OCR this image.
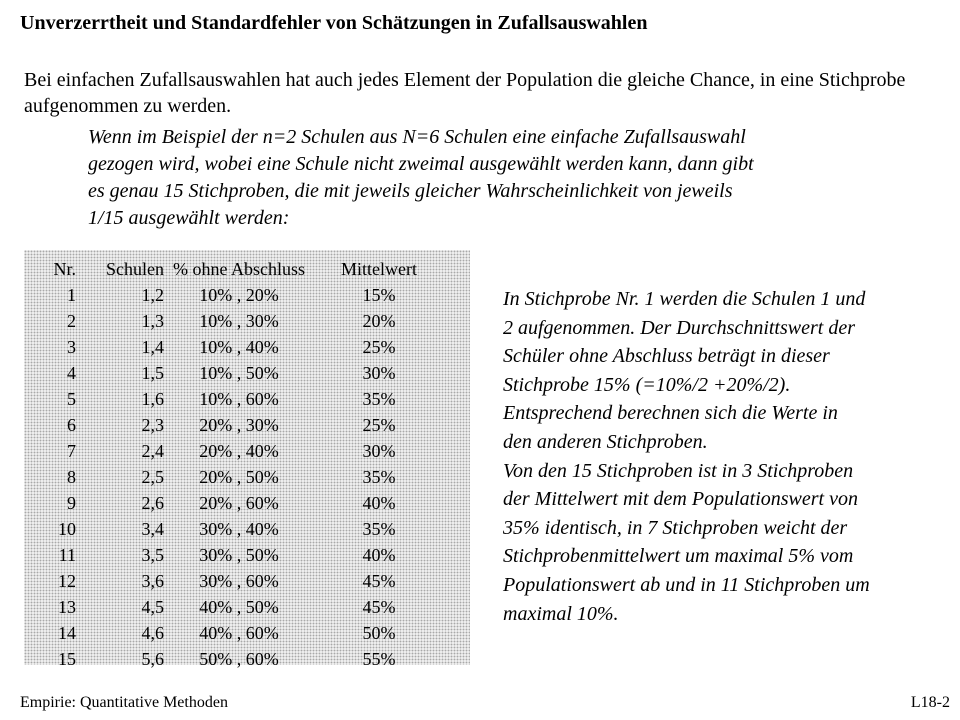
Unverzerrtheit und Standardfehler von Schätzungen in Zufallsauswahlen
Bei einfachen Zufallsauswahlen hat auch jedes Element der Population die gleiche Chance, in eine Stichprobe aufgenommen zu werden.
Wenn im Beispiel der n=2 Schulen aus N=6 Schulen eine einfache Zufallsauswahl
gezogen wird, wobei eine Schule nicht zweimal ausgewählt werden kann, dann gibt
es genau 15 Stichproben, die mit jeweils gleicher Wahrscheinlichkeit von jeweils
1/15 ausgewählt werden:
Nr.	Schulen	% ohne Abschluss	Mittelwert
1	1,2	10% , 20%	15%
2	1,3	10% , 30%	20%
3	1,4	10% , 40%	25%
4	1,5	10% , 50%	30%
5	1,6	10% , 60%	35%
6	2,3	20% , 30%	25%
7	2,4	20% , 40%	30%
8	2,5	20% , 50%	35%
9	2,6	20% , 60%	40%
10	3,4	30% , 40%	35%
11	3,5	30% , 50%	40%
12	3,6	30% , 60%	45%
13	4,5	40% , 50%	45%
14	4,6	40% , 60%	50%
15	5,6	50% , 60%	55%

In Stichprobe Nr. 1 werden die Schulen 1 und

2 aufgenommen. Der Durchschnittswert der

Schüler ohne Abschluss beträgt in dieser

Stichprobe 15% (=10%/2 +20%/2).

Entsprechend berechnen sich die Werte in

den anderen Stichproben.

Von den 15 Stichproben ist in 3 Stichproben

der Mittelwert mit dem Populationswert von

35% identisch, in 7 Stichproben weicht der

Stichprobenmittelwert um maximal 5% vom

Populationswert ab und in 11 Stichproben um

maximal 10%.

Empirie: Quantitative Methoden	L18-2
